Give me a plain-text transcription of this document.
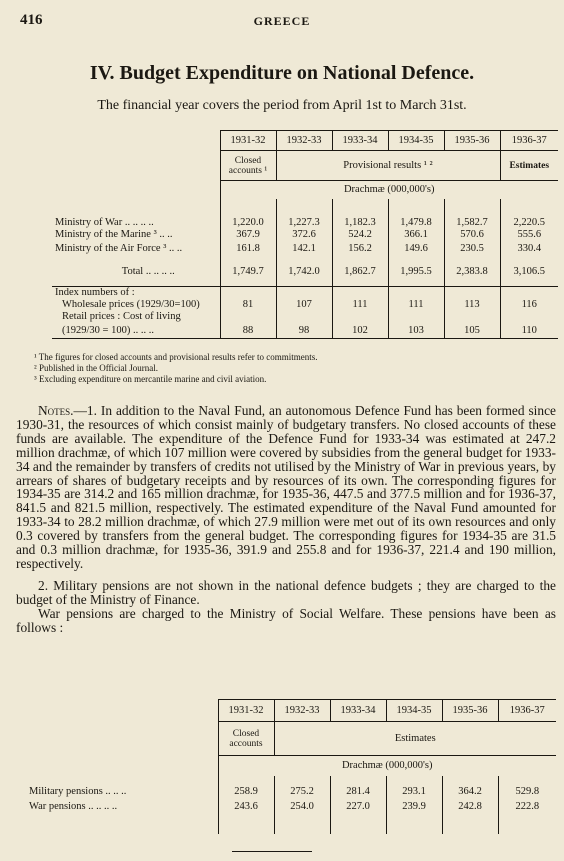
416	GREECE
IV. Budget Expenditure on National Defence.
The financial year covers the period from April 1st to March 31st.
	1931-32	1932-33	1933-34	1934-35	1935-36	1936-37
	Closed accounts ¹	Provisional results ¹ ²				Estimates
	Drachmæ (000,000's)					

Ministry of War .. .. .. ..	1,220.0	1,227.3	1,182.3	1,479.8	1,582.7	2,220.5
Ministry of the Marine ³ .. ..	367.9	372.6	524.2	366.1	570.6	555.6
Ministry of the Air Force ³ .. ..	161.8	142.1	156.2	149.6	230.5	330.4
Total .. .. .. ..	1,749.7	1,742.0	1,862.7	1,995.5	2,383.8	3,106.5
Index numbers of :						
Wholesale prices (1929/30=100)	81	107	111	111	113	116
Retail prices : Cost of living						
(1929/30 = 100) .. .. ..	88	98	102	103	105	110
¹ The figures for closed accounts and provisional results refer to commitments.
² Published in the Official Journal.
³ Excluding expenditure on mercantile marine and civil aviation.

Notes.—1. In addition to the Naval Fund, an autonomous Defence Fund has been formed since 1930-31, the resources of which consist mainly of budgetary transfers. No closed accounts of these funds are available. The expenditure of the Defence Fund for 1933-34 was estimated at 247.2 million drachmæ, of which 107 million were covered by subsidies from the general budget for 1933-34 and the remainder by transfers of credits not utilised by the Ministry of War in previous years, by arrears of shares of budgetary receipts and by resources of its own. The corresponding figures for 1934-35 are 314.2 and 165 million drachmæ, for 1935-36, 447.5 and 377.5 million and for 1936-37, 841.5 and 821.5 million, respectively. The estimated expenditure of the Naval Fund amounted for 1933-34 to 28.2 million drachmæ, of which 27.9 million were met out of its own resources and only 0.3 covered by transfers from the general budget. The corresponding figures for 1934-35 are 31.5 and 0.3 million drachmæ, for 1935-36, 391.9 and 255.8 and for 1936-37, 221.4 and 190 million, respectively.

2. Military pensions are not shown in the national defence budgets ; they are charged to the budget of the Ministry of Finance.

War pensions are charged to the Ministry of Social Welfare. These pensions have been as follows :

	1931-32	1932-33	1933-34	1934-35	1935-36	1936-37
	Closed accounts	Estimates				
	Drachmæ (000,000's)					

Military pensions .. .. ..	258.9	275.2	281.4	293.1	364.2	529.8
War pensions .. .. .. ..	243.6	254.0	227.0	239.9	242.8	222.8
